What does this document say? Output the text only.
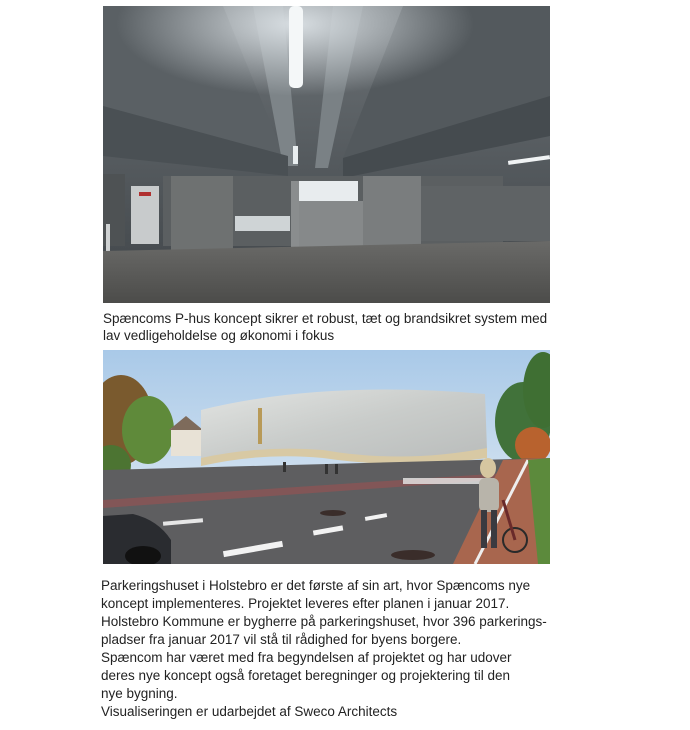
Spæncoms P-hus koncept sikrer et robust, tæt og brandsikret system med

lav vedligeholdelse og økonomi i fokus

Parkeringshuset i Holstebro er det første af sin art, hvor Spæncoms nye

koncept implementeres. Projektet leveres efter planen i januar 2017.

Holstebro Kommune er bygherre på parkeringshuset, hvor 396 parkerings-

pladser fra januar 2017 vil stå til rådighed for byens borgere.

Spæncom har været med fra begyndelsen af projektet og har udover

deres nye koncept også foretaget beregninger og projektering til den

nye bygning.

Visualiseringen er udarbejdet af Sweco Architects
